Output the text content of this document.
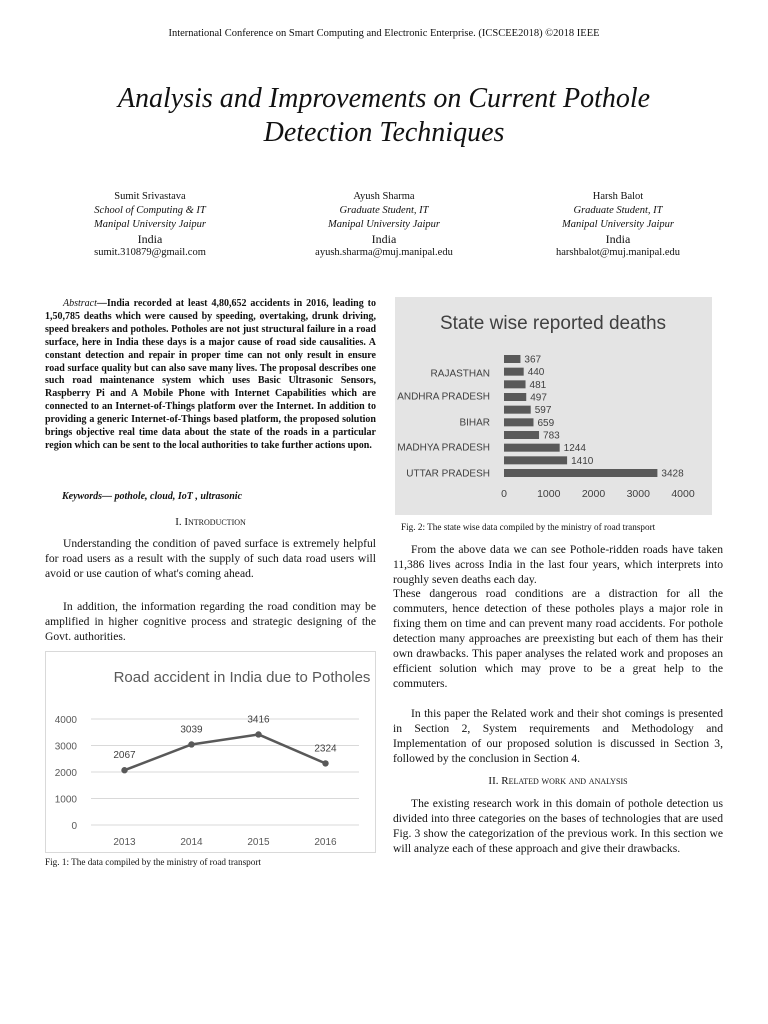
International Conference on Smart Computing and Electronic Enterprise. (ICSCEE2018) ©2018 IEEE
Analysis and Improvements on Current Pothole
Detection Techniques
Sumit Srivastava
School of Computing & IT
Manipal University Jaipur
India
sumit.310879@gmail.com
Ayush Sharma
Graduate Student, IT
Manipal University Jaipur
India
ayush.sharma@muj.manipal.edu
Harsh Balot
Graduate Student, IT
Manipal University Jaipur
India
harshbalot@muj.manipal.edu
Abstract—India recorded at least 4,80,652 accidents in 2016, leading to 1,50,785 deaths which were caused by speeding, overtaking, drunk driving, speed breakers and potholes. Potholes are not just structural failure in a road surface, here in India these days is a major cause of road side causalities. A constant detection and repair in proper time can not only result in ensure road surface quality but can also save many lives. The proposal describes one such road maintenance system which uses Basic Ultrasonic Sensors, Raspberry Pi and A Mobile Phone with Internet Capabilities which are connected to an Internet-of-Things platform over the Internet. In addition to providing a generic Internet-of-Things based platform, the proposed solution brings objective real time data about the state of the roads in a particular region which can be sent to the local authorities to take further actions upon.
Keywords— pothole, cloud, IoT , ultrasonic
I. Introduction
Understanding the condition of paved surface is extremely helpful for road users as a result with the supply of such data road users will avoid or use caution of what's coming ahead.
In addition, the information regarding the road condition may be amplified in higher cognitive process and strategic designing of the Govt. authorities.
Road accident in India due to Potholes
0
1000
2000
3000
4000
2013	2014	2015	2016
2067
3039
3416
2324
Fig. 1: The data compiled by the ministry of road transport
State wise reported deaths
RAJASTHAN
ANDHRA PRADESH
BIHAR
MADHYA PRADESH
UTTAR PRADESH
367
440
481
497
597
659
783
1244
1410
3428
0	1000 2000 3000 4000
Fig. 2: The state wise data compiled by the ministry of road transport
From the above data we can see Pothole-ridden roads have taken 11,386 lives across India in the last four years, which interprets into roughly seven deaths each day.
These dangerous road conditions are a distraction for all the commuters, hence detection of these potholes plays a major role in fixing them on time and can prevent many road accidents. For pothole detection many approaches are preexisting but each of them has their own drawbacks. This paper analyses the related work and proposes an efficient solution which may prove to be a great help to the commuters.
In this paper the Related work and their shot comings is presented in Section 2, System requirements and Methodology and Implementation of our proposed solution is discussed in Section 3, followed by the conclusion in Section 4.
II. Related work and analysis
The existing research work in this domain of pothole detection us divided into three categories on the bases of technologies that are used Fig. 3 show the categorization of the previous work. In this section we will analyze each of these approach and give their drawbacks.
